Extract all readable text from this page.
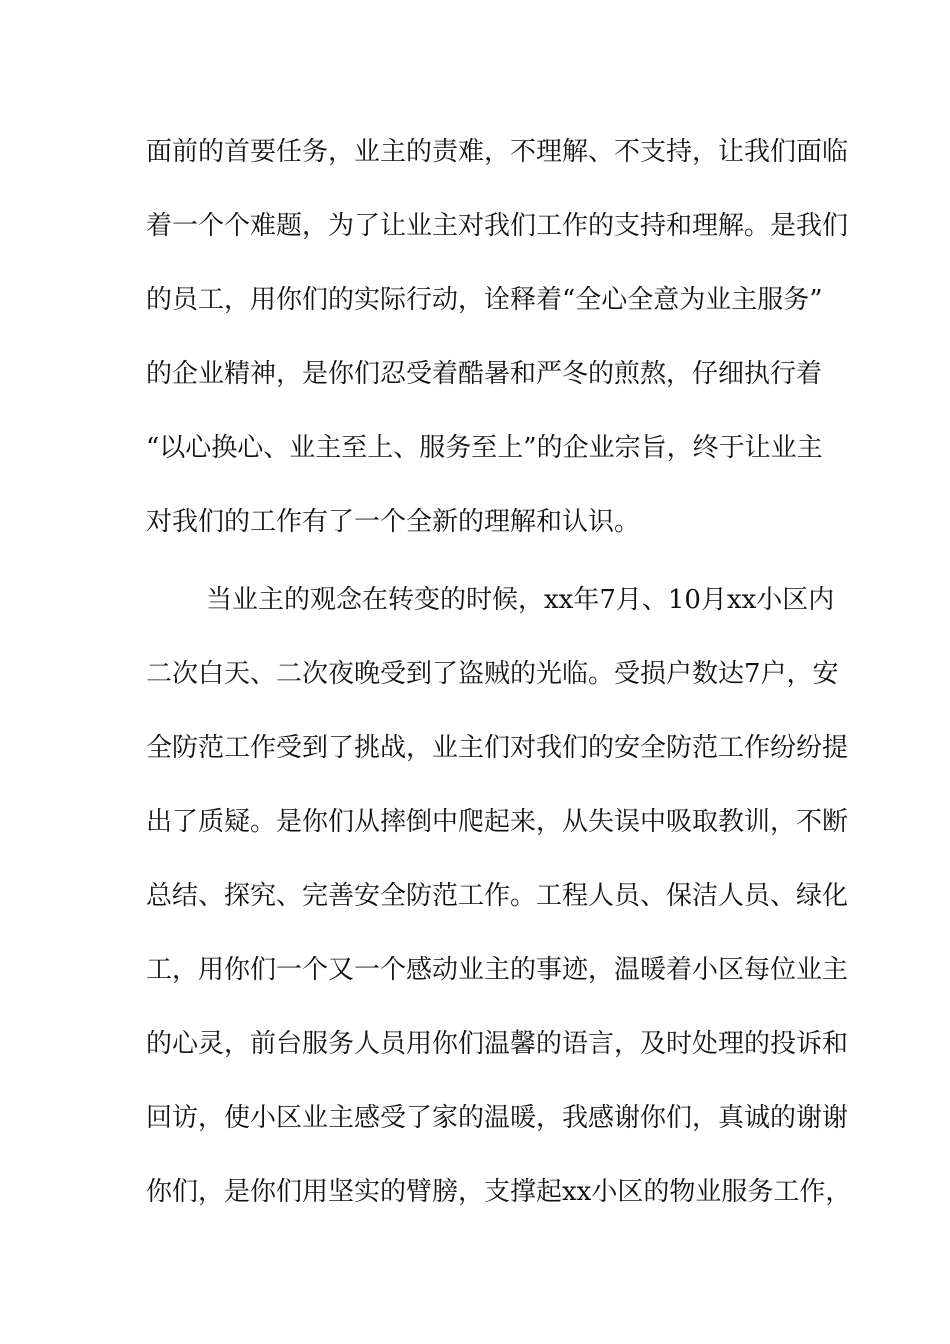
面前的首要任务，业主的责难，不理解、不支持，让我们面临
着一个个难题，为了让业主对我们工作的支持和理解。是我们
的员工，用你们的实际行动，诠释着“全心全意为业主服务”
的企业精神，是你们忍受着酷暑和严冬的煎熬，仔细执行着
“以心换心、业主至上、服务至上”的企业宗旨，终于让业主
对我们的工作有了一个全新的理解和认识。
当业主的观念在转变的时候，xx年7月、10月xx小区内
二次白天、二次夜晚受到了盗贼的光临。受损户数达7户，安
全防范工作受到了挑战，业主们对我们的安全防范工作纷纷提
出了质疑。是你们从摔倒中爬起来，从失误中吸取教训，不断
总结、探究、完善安全防范工作。工程人员、保洁人员、绿化
工，用你们一个又一个感动业主的事迹，温暖着小区每位业主
的心灵，前台服务人员用你们温馨的语言，及时处理的投诉和
回访，使小区业主感受了家的温暖，我感谢你们，真诚的谢谢
你们，是你们用坚实的臂膀，支撑起xx小区的物业服务工作，
